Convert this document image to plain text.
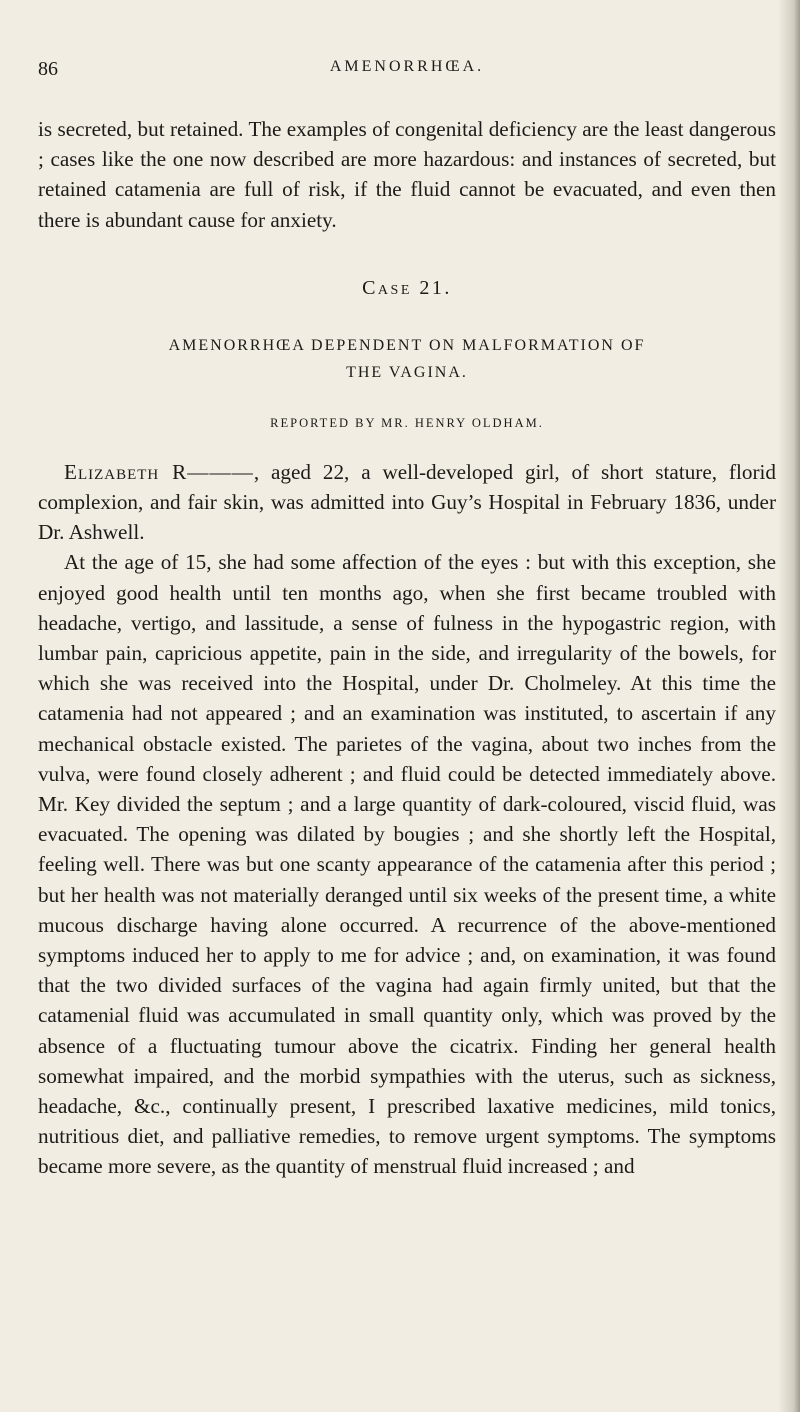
86	AMENORRHŒA.

is secreted, but retained. The examples of congenital deficiency are the least dangerous ; cases like the one now described are more hazardous: and instances of secreted, but retained catamenia are full of risk, if the fluid cannot be evacuated, and even then there is abundant cause for anxiety.

Case 21.

AMENORRHŒA DEPENDENT ON MALFORMATION OF
THE VAGINA.

REPORTED BY MR. HENRY OLDHAM.

Elizabeth R———, aged 22, a well-developed girl, of short stature, florid complexion, and fair skin, was admitted into Guy’s Hospital in February 1836, under Dr. Ashwell.

At the age of 15, she had some affection of the eyes : but with this exception, she enjoyed good health until ten months ago, when she first became troubled with headache, vertigo, and lassitude, a sense of fulness in the hypogastric region, with lumbar pain, capricious appetite, pain in the side, and irregularity of the bowels, for which she was received into the Hospital, under Dr. Cholmeley. At this time the catamenia had not appeared ; and an examination was instituted, to ascertain if any mechanical obstacle existed. The parietes of the vagina, about two inches from the vulva, were found closely adherent ; and fluid could be detected immediately above. Mr. Key divided the septum ; and a large quantity of dark-coloured, viscid fluid, was evacuated. The opening was dilated by bougies ; and she shortly left the Hospital, feeling well. There was but one scanty appearance of the catamenia after this period ; but her health was not materially deranged until six weeks of the present time, a white mucous discharge having alone occurred. A recurrence of the above-mentioned symptoms induced her to apply to me for advice ; and, on examination, it was found that the two divided surfaces of the vagina had again firmly united, but that the catamenial fluid was accumulated in small quantity only, which was proved by the absence of a fluctuating tumour above the cicatrix. Finding her general health somewhat impaired, and the morbid sympathies with the uterus, such as sickness, headache, &c., continually present, I prescribed laxative medicines, mild tonics, nutritious diet, and palliative remedies, to remove urgent symptoms. The symptoms became more severe, as the quantity of menstrual fluid increased ; and
